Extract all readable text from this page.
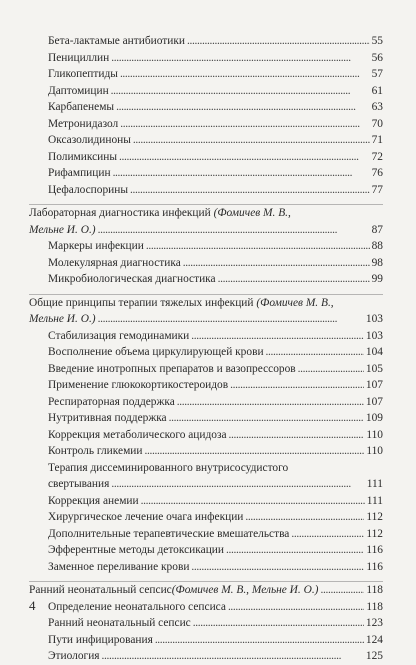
Бета-лактамые антибиотики . . .	55
Пенициллин . . .	56
Гликопептиды . . .	57
Даптомицин . . .	61
Карбапенемы . . .	63
Метронидазол . . .	70
Оксазолидиноны . . .	71
Полимиксины . . .	72
Рифампицин . . .	76
Цефалоспорины . . .	77
Лабораторная диагностика инфекций (Фомичев М. В.,
Мельне И. О.) . . .	87
Маркеры инфекции . . .	88
Молекулярная диагностика . . .	98
Микробиологическая диагностика . . .	99
Общие принципы терапии тяжелых инфекций (Фомичев М. В.,
Мельне И. О.) . . .	103
Стабилизация гемодинамики . . .	103
Восполнение объема циркулирующей крови . . .	104
Введение инотропных препаратов и вазопрессоров . . .	105
Применение глюкокортикостероидов . . .	107
Респираторная поддержка . . .	107
Нутритивная поддержка . . .	109
Коррекция метаболического ацидоза . . .	110
Контроль гликемии . . .	110
Терапия диссеминированного внутрисосудистого
свертывания . . .	111
Коррекция анемии . . .	111
Хирургическое лечение очага инфекции . . .	112
Дополнительные терапевтические вмешательства . . .	112
Эфферентные методы детоксикации . . .	116
Заменное переливание крови . . .	116
Ранний неонатальный сепсис (Фомичев М. В., Мельне И. О.) . . .	118
Определение неонатального сепсиса . . .	118
Ранний неонатальный сепсис . . .	123
Пути инфицирования . . .	124
Этиология . . .	125
4
